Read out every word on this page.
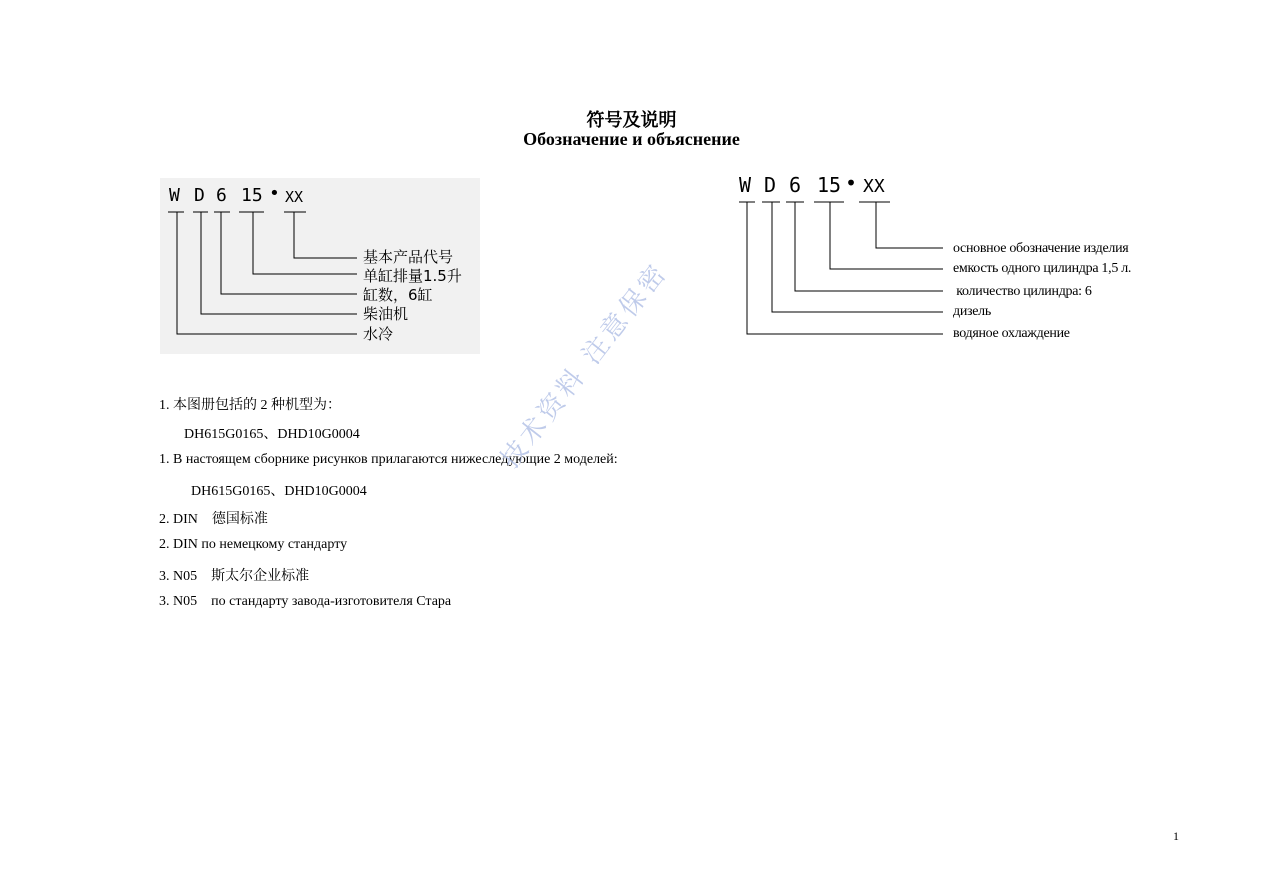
符号及说明
Обозначение и объяснение
W D 6 15 • XX
基本产品代号
单缸排量1.5升
缸数，6缸
柴油机
水冷
W D 6 15 • XX
основное обозначение изделия
емкость одного цилиндра 1,5 л.
количество цилиндра: 6
дизель
водяное охлаждение
1. 本图册包括的 2 种机型为：
DH615G0165、DHD10G0004
1. В настоящем сборнике рисунков прилагаются нижеследующие 2 моделей:
DH615G0165、DHD10G0004
2. DIN    德国标准
2. DIN по немецкому стандарту
3. N05    斯太尔企业标准
3. N05    по стандарту завода-изготовителя Стара
技术资料 注意保密
1
